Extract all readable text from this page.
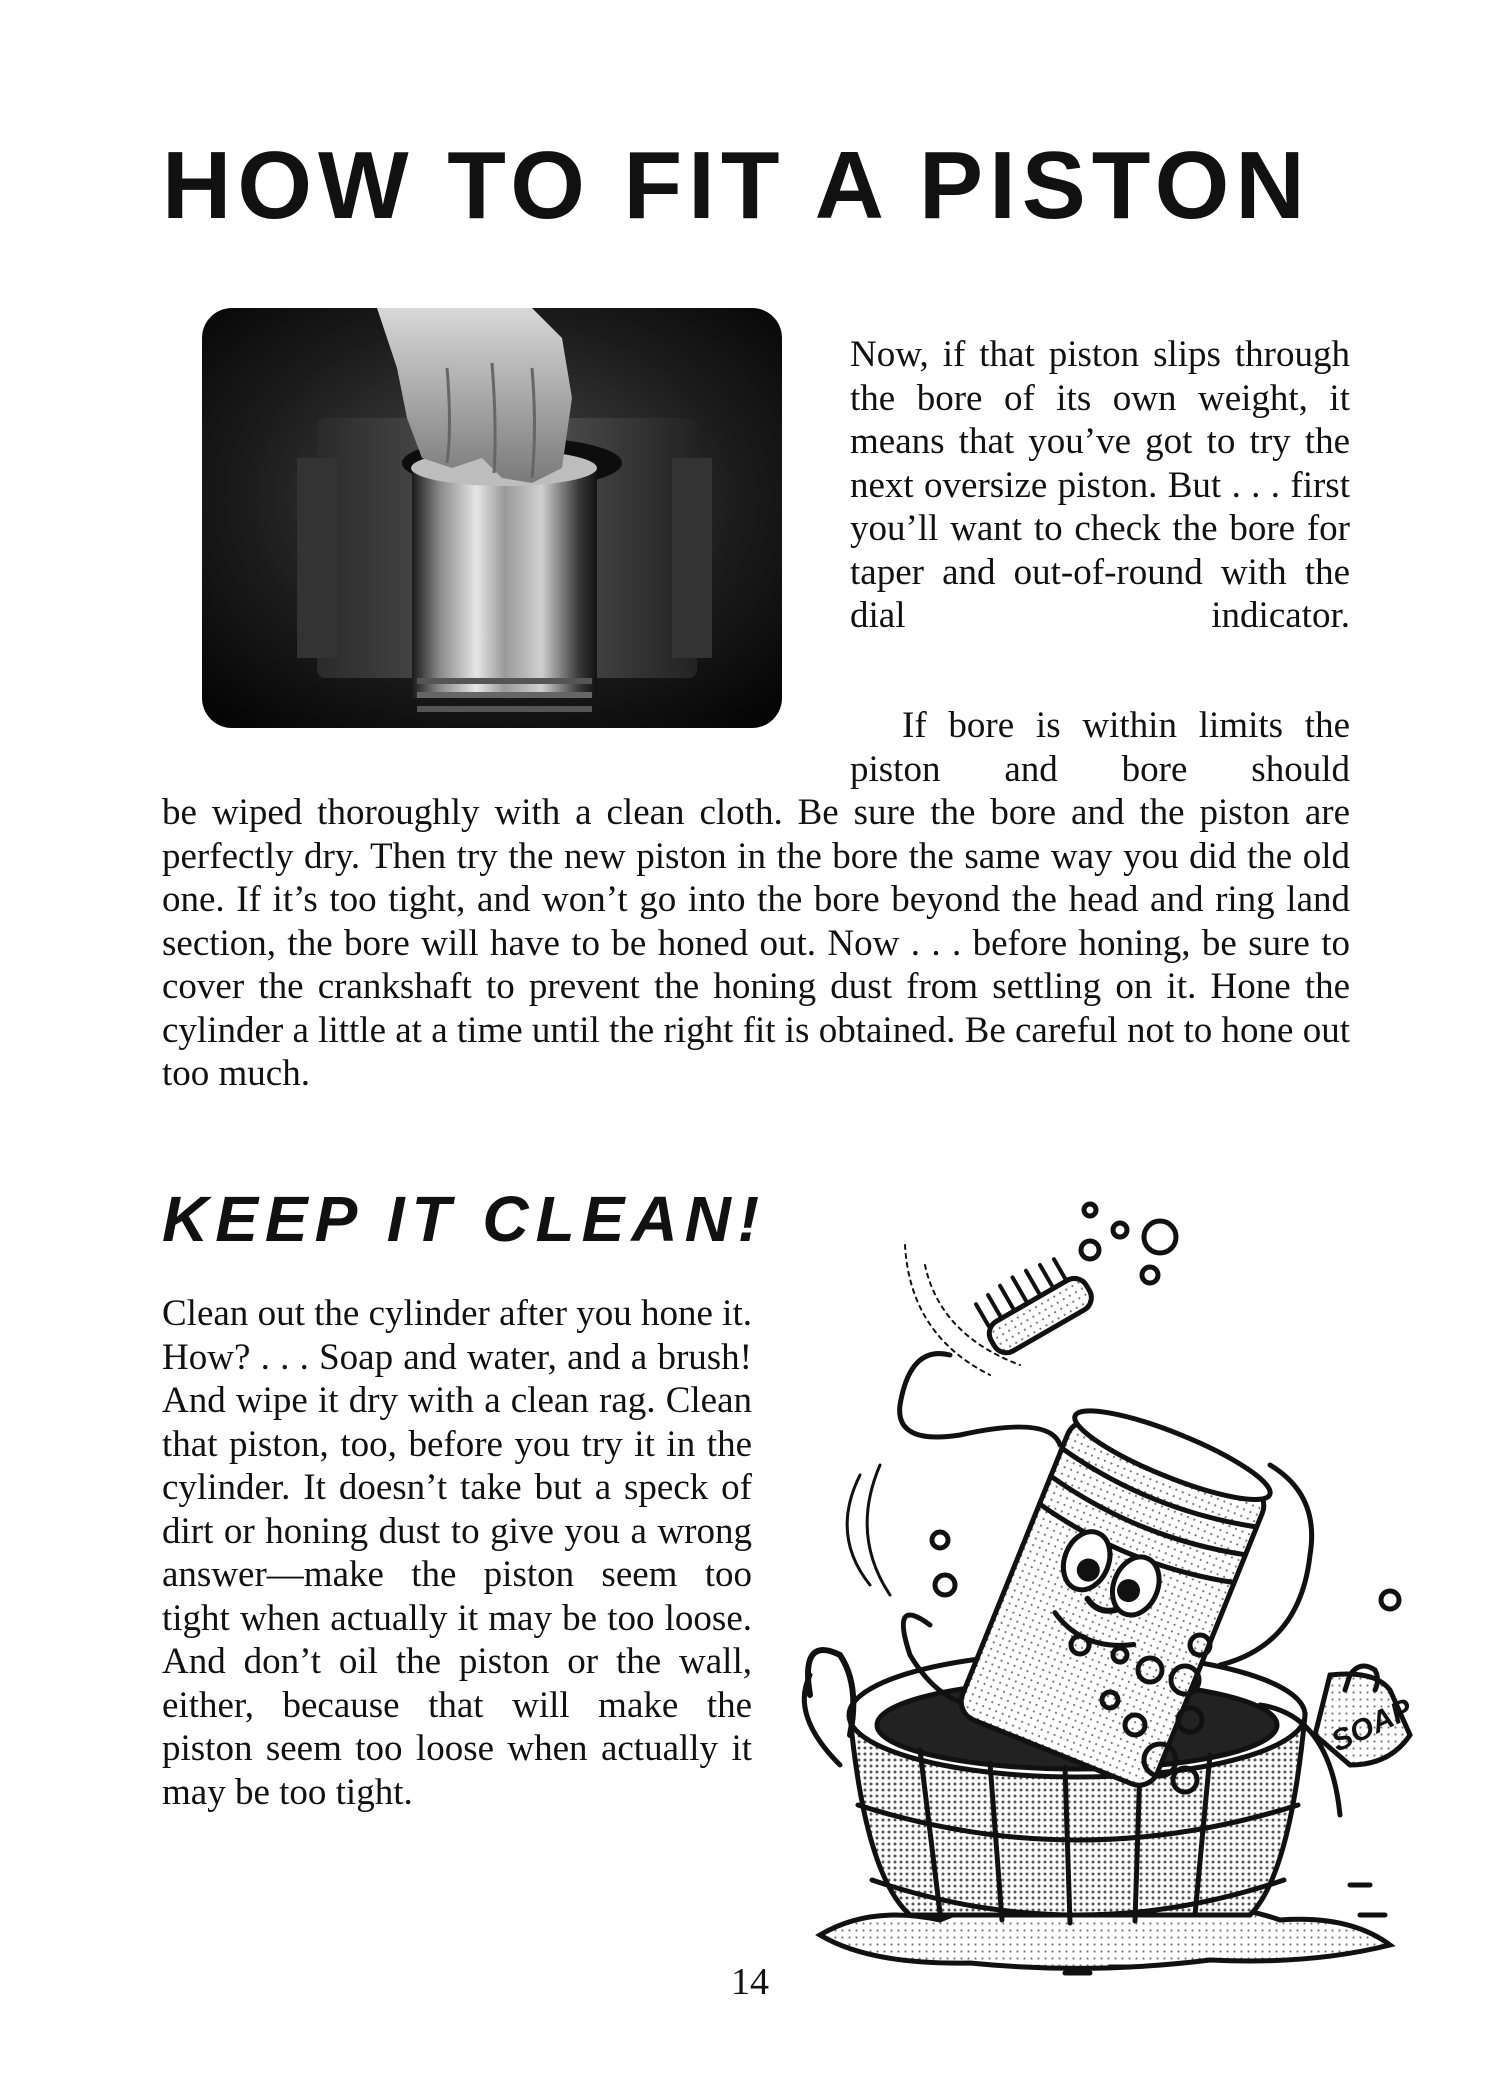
HOW TO FIT A PISTON

Now, if that piston slips through the bore of its own weight, it means that you’ve got to try the next oversize piston. But . . . first you’ll want to check the bore for taper and out-of-round with the dial indicator.

If bore is within limits the piston and bore should

be wiped thoroughly with a clean cloth. Be sure the bore and the piston are perfectly dry. Then try the new piston in the bore the same way you did the old one. If it’s too tight, and won’t go into the bore beyond the head and ring land section, the bore will have to be honed out. Now . . . before honing, be sure to cover the crankshaft to prevent the honing dust from settling on it. Hone the cylinder a little at a time until the right fit is obtained. Be careful not to hone out too much.

KEEP IT CLEAN!

Clean out the cylinder after you hone it. How? . . . Soap and water, and a brush! And wipe it dry with a clean rag. Clean that piston, too, before you try it in the cylinder. It doesn’t take but a speck of dirt or honing dust to give you a wrong answer—make the piston seem too tight when actually it may be too loose. And don’t oil the piston or the wall, either, because that will make the piston seem too loose when actually it may be too tight.

SOAP

14
